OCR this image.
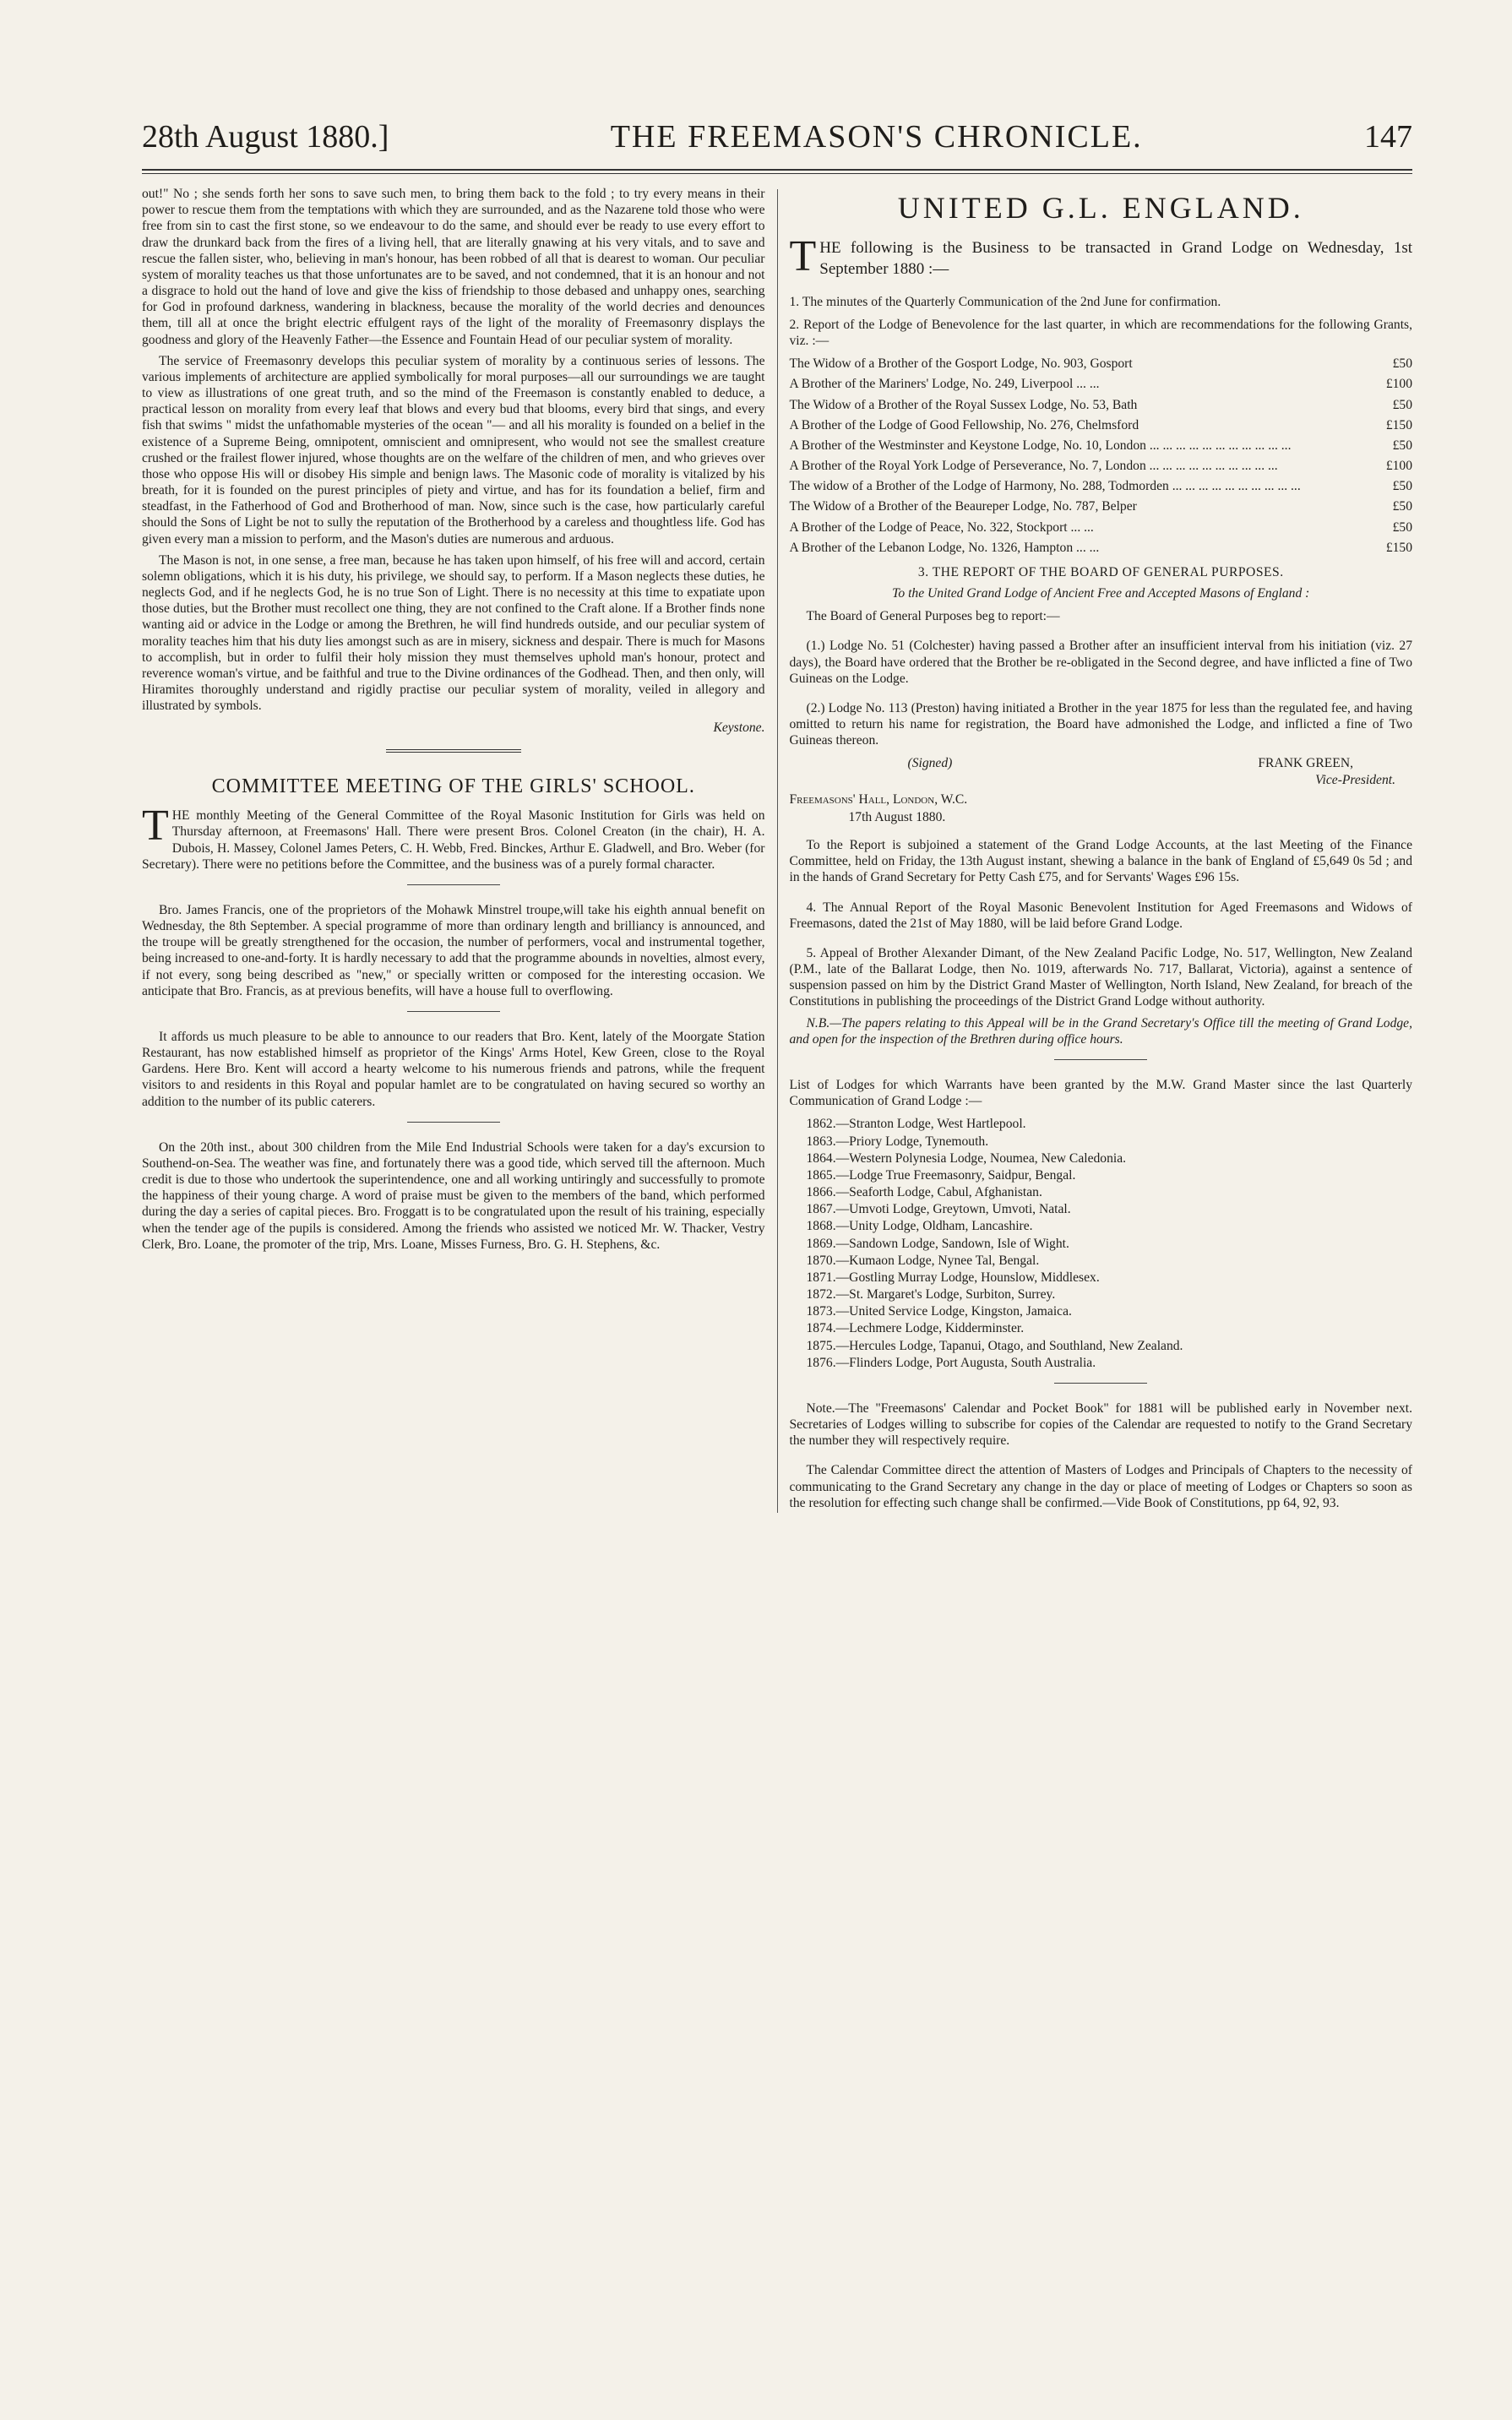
28th August 1880.]	THE FREEMASON'S CHRONICLE.	147

out!" No ; she sends forth her sons to save such men, to bring them back to the fold ; to try every means in their power to rescue them from the temptations with which they are surrounded, and as the Nazarene told those who were free from sin to cast the first stone, so we endeavour to do the same, and should ever be ready to use every effort to draw the drunkard back from the fires of a living hell, that are literally gnawing at his very vitals, and to save and rescue the fallen sister, who, believing in man's honour, has been robbed of all that is dearest to woman. Our peculiar system of morality teaches us that those unfortunates are to be saved, and not condemned, that it is an honour and not a disgrace to hold out the hand of love and give the kiss of friendship to those debased and unhappy ones, searching for God in profound darkness, wandering in blackness, because the morality of the world decries and denounces them, till all at once the bright electric effulgent rays of the light of the morality of Freemasonry displays the goodness and glory of the Heavenly Father—the Essence and Fountain Head of our peculiar system of morality.

The service of Freemasonry develops this peculiar system of morality by a continuous series of lessons. The various implements of architecture are applied symbolically for moral purposes—all our surroundings we are taught to view as illustrations of one great truth, and so the mind of the Freemason is constantly enabled to deduce, a practical lesson on morality from every leaf that blows and every bud that blooms, every bird that sings, and every fish that swims " midst the unfathomable mysteries of the ocean "— and all his morality is founded on a belief in the existence of a Supreme Being, omnipotent, omniscient and omnipresent, who would not see the smallest creature crushed or the frailest flower injured, whose thoughts are on the welfare of the children of men, and who grieves over those who oppose His will or disobey His simple and benign laws. The Masonic code of morality is vitalized by his breath, for it is founded on the purest principles of piety and virtue, and has for its foundation a belief, firm and steadfast, in the Fatherhood of God and Brotherhood of man. Now, since such is the case, how particularly careful should the Sons of Light be not to sully the reputation of the Brotherhood by a careless and thoughtless life. God has given every man a mission to perform, and the Mason's duties are numerous and arduous.

The Mason is not, in one sense, a free man, because he has taken upon himself, of his free will and accord, certain solemn obligations, which it is his duty, his privilege, we should say, to perform. If a Mason neglects these duties, he neglects God, and if he neglects God, he is no true Son of Light. There is no necessity at this time to expatiate upon those duties, but the Brother must recollect one thing, they are not confined to the Craft alone. If a Brother finds none wanting aid or advice in the Lodge or among the Brethren, he will find hundreds outside, and our peculiar system of morality teaches him that his duty lies amongst such as are in misery, sickness and despair. There is much for Masons to accomplish, but in order to fulfil their holy mission they must themselves uphold man's honour, protect and reverence woman's virtue, and be faithful and true to the Divine ordinances of the Godhead. Then, and then only, will Hiramites thoroughly understand and rigidly practise our peculiar system of morality, veiled in allegory and illustrated by symbols.

Keystone.
COMMITTEE MEETING OF THE GIRLS' SCHOOL.

THE monthly Meeting of the General Committee of the Royal Masonic Institution for Girls was held on Thursday afternoon, at Freemasons' Hall. There were present Bros. Colonel Creaton (in the chair), H. A. Dubois, H. Massey, Colonel James Peters, C. H. Webb, Fred. Binckes, Arthur E. Gladwell, and Bro. Weber (for Secretary). There were no petitions before the Committee, and the business was of a purely formal character.

Bro. James Francis, one of the proprietors of the Mohawk Minstrel troupe,will take his eighth annual benefit on Wednesday, the 8th September. A special programme of more than ordinary length and brilliancy is announced, and the troupe will be greatly strengthened for the occasion, the number of performers, vocal and instrumental together, being increased to one-and-forty. It is hardly necessary to add that the programme abounds in novelties, almost every, if not every, song being described as "new," or specially written or composed for the interesting occasion. We anticipate that Bro. Francis, as at previous benefits, will have a house full to overflowing.

It affords us much pleasure to be able to announce to our readers that Bro. Kent, lately of the Moorgate Station Restaurant, has now established himself as proprietor of the Kings' Arms Hotel, Kew Green, close to the Royal Gardens. Here Bro. Kent will accord a hearty welcome to his numerous friends and patrons, while the frequent visitors to and residents in this Royal and popular hamlet are to be congratulated on having secured so worthy an addition to the number of its public caterers.

On the 20th inst., about 300 children from the Mile End Industrial Schools were taken for a day's excursion to Southend-on-Sea. The weather was fine, and fortunately there was a good tide, which served till the afternoon. Much credit is due to those who undertook the superintendence, one and all working untiringly and successfully to promote the happiness of their young charge. A word of praise must be given to the members of the band, which performed during the day a series of capital pieces. Bro. Froggatt is to be congratulated upon the result of his training, especially when the tender age of the pupils is considered. Among the friends who assisted we noticed Mr. W. Thacker, Vestry Clerk, Bro. Loane, the promoter of the trip, Mrs. Loane, Misses Furness, Bro. G. H. Stephens, &c.

UNITED G.L. ENGLAND.

THE following is the Business to be transacted in Grand Lodge on Wednesday, 1st September 1880 :—

1. The minutes of the Quarterly Communication of the 2nd June for confirmation.

2. Report of the Lodge of Benevolence for the last quarter, in which are recommendations for the following Grants, viz. :—

The Widow of a Brother of the Gosport Lodge, No. 903, Gosport	£50
A Brother of the Mariners' Lodge, No. 249, Liverpool ... ...	£100
The Widow of a Brother of the Royal Sussex Lodge, No. 53, Bath	£50
A Brother of the Lodge of Good Fellowship, No. 276, Chelmsford	£150
A Brother of the Westminster and Keystone Lodge, No. 10, London ... ... ... ... ... ... ... ... ... ... ...	£50
A Brother of the Royal York Lodge of Perseverance, No. 7, London ... ... ... ... ... ... ... ... ... ...	£100
The widow of a Brother of the Lodge of Harmony, No. 288, Todmorden ... ... ... ... ... ... ... ... ... ...	£50
The Widow of a Brother of the Beaureper Lodge, No. 787, Belper	£50
A Brother of the Lodge of Peace, No. 322, Stockport ... ...	£50
A Brother of the Lebanon Lodge, No. 1326, Hampton ... ...	£150
3. THE REPORT OF THE BOARD OF GENERAL PURPOSES.
To the United Grand Lodge of Ancient Free and Accepted Masons of England :

The Board of General Purposes beg to report:—

(1.) Lodge No. 51 (Colchester) having passed a Brother after an insufficient interval from his initiation (viz. 27 days), the Board have ordered that the Brother be re-obligated in the Second degree, and have inflicted a fine of Two Guineas on the Lodge.

(2.) Lodge No. 113 (Preston) having initiated a Brother in the year 1875 for less than the regulated fee, and having omitted to return his name for registration, the Board have admonished the Lodge, and inflicted a fine of Two Guineas thereon.

(Signed)	FRANK GREEN,
Vice-President.

Freemasons' Hall, London, W.C.

17th August 1880.

To the Report is subjoined a statement of the Grand Lodge Accounts, at the last Meeting of the Finance Committee, held on Friday, the 13th August instant, shewing a balance in the bank of England of £5,649 0s 5d ; and in the hands of Grand Secretary for Petty Cash £75, and for Servants' Wages £96 15s.

4. The Annual Report of the Royal Masonic Benevolent Institution for Aged Freemasons and Widows of Freemasons, dated the 21st of May 1880, will be laid before Grand Lodge.

5. Appeal of Brother Alexander Dimant, of the New Zealand Pacific Lodge, No. 517, Wellington, New Zealand (P.M., late of the Ballarat Lodge, then No. 1019, afterwards No. 717, Ballarat, Victoria), against a sentence of suspension passed on him by the District Grand Master of Wellington, North Island, New Zealand, for breach of the Constitutions in publishing the proceedings of the District Grand Lodge without authority.

N.B.—The papers relating to this Appeal will be in the Grand Secretary's Office till the meeting of Grand Lodge, and open for the inspection of the Brethren during office hours.

List of Lodges for which Warrants have been granted by the M.W. Grand Master since the last Quarterly Communication of Grand Lodge :—

1862.—Stranton Lodge, West Hartlepool.
1863.—Priory Lodge, Tynemouth.
1864.—Western Polynesia Lodge, Noumea, New Caledonia.
1865.—Lodge True Freemasonry, Saidpur, Bengal.
1866.—Seaforth Lodge, Cabul, Afghanistan.
1867.—Umvoti Lodge, Greytown, Umvoti, Natal.
1868.—Unity Lodge, Oldham, Lancashire.
1869.—Sandown Lodge, Sandown, Isle of Wight.
1870.—Kumaon Lodge, Nynee Tal, Bengal.
1871.—Gostling Murray Lodge, Hounslow, Middlesex.
1872.—St. Margaret's Lodge, Surbiton, Surrey.
1873.—United Service Lodge, Kingston, Jamaica.
1874.—Lechmere Lodge, Kidderminster.
1875.—Hercules Lodge, Tapanui, Otago, and Southland, New Zealand.
1876.—Flinders Lodge, Port Augusta, South Australia.

Note.—The "Freemasons' Calendar and Pocket Book" for 1881 will be published early in November next. Secretaries of Lodges willing to subscribe for copies of the Calendar are requested to notify to the Grand Secretary the number they will respectively require.

The Calendar Committee direct the attention of Masters of Lodges and Principals of Chapters to the necessity of communicating to the Grand Secretary any change in the day or place of meeting of Lodges or Chapters so soon as the resolution for effecting such change shall be confirmed.—Vide Book of Constitutions, pp 64, 92, 93.
